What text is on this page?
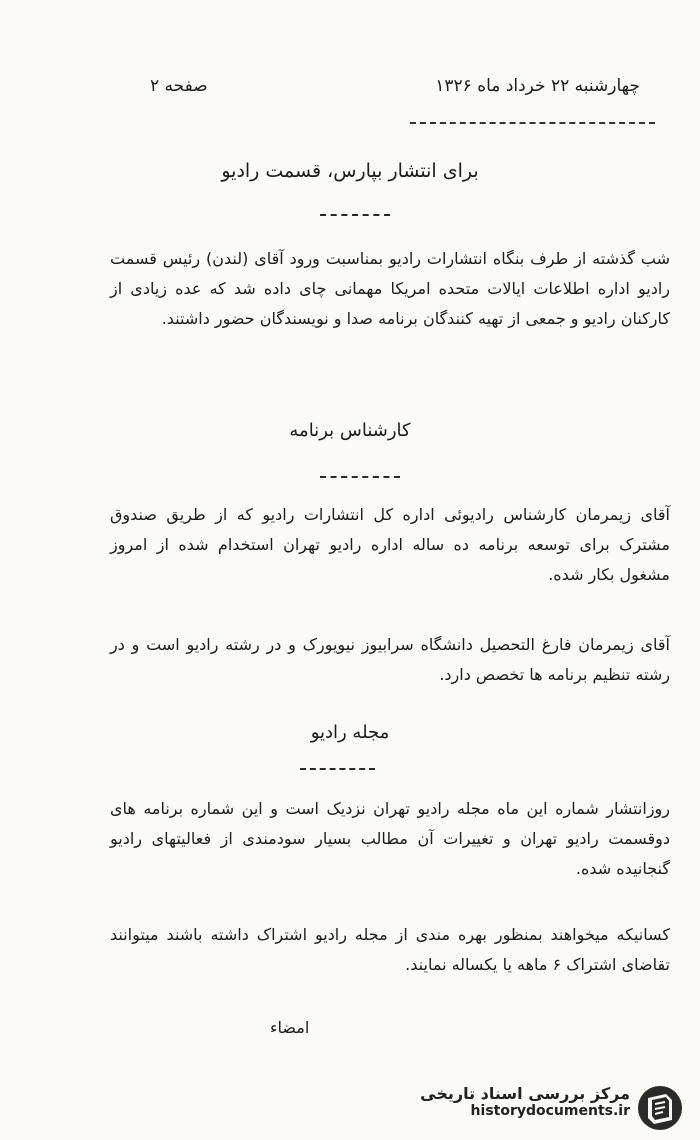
چهارشنبه ۲۲ خرداد ماه ۱۳۲۶
صفحه ۲
برای انتشار بپارس، قسمت رادیو

شب گذشته از طرف بنگاه انتشارات رادیو بمناسبت ورود آقای (لندن) رئیس قسمت رادیو اداره اطلاعات ایالات متحده امریکا مهمانی چای داده شد که عده زیادی از کارکنان رادیو و جمعی از تهیه کنندگان برنامه صدا و نویسندگان حضور داشتند.

کارشناس برنامه

آقای زیمرمان کارشناس رادیوئی اداره کل انتشارات رادیو که از طریق صندوق مشترک برای توسعه برنامه ده ساله اداره رادیو تهران استخدام شده از امروز مشغول بکار شده.

آقای زیمرمان فارغ التحصیل دانشگاه سرابیوز نیویورک و در رشته رادیو است و در رشته تنظیم برنامه ها تخصص دارد.

مجله رادیو

روزانتشار شماره این ماه مجله رادیو تهران نزدیک است و این شماره برنامه های دوقسمت رادیو تهران و تغییرات آن مطالب بسیار سودمندی از فعالیتهای رادیو گنجانیده شده.

کسانیکه میخواهند بمنظور بهره مندی از مجله رادیو اشتراک داشته باشند میتوانند تقاضای اشتراک ۶ ماهه یا یکساله نمایند.

امضاء
مرکز بررسی اسناد تاریخی
historydocuments.ir
